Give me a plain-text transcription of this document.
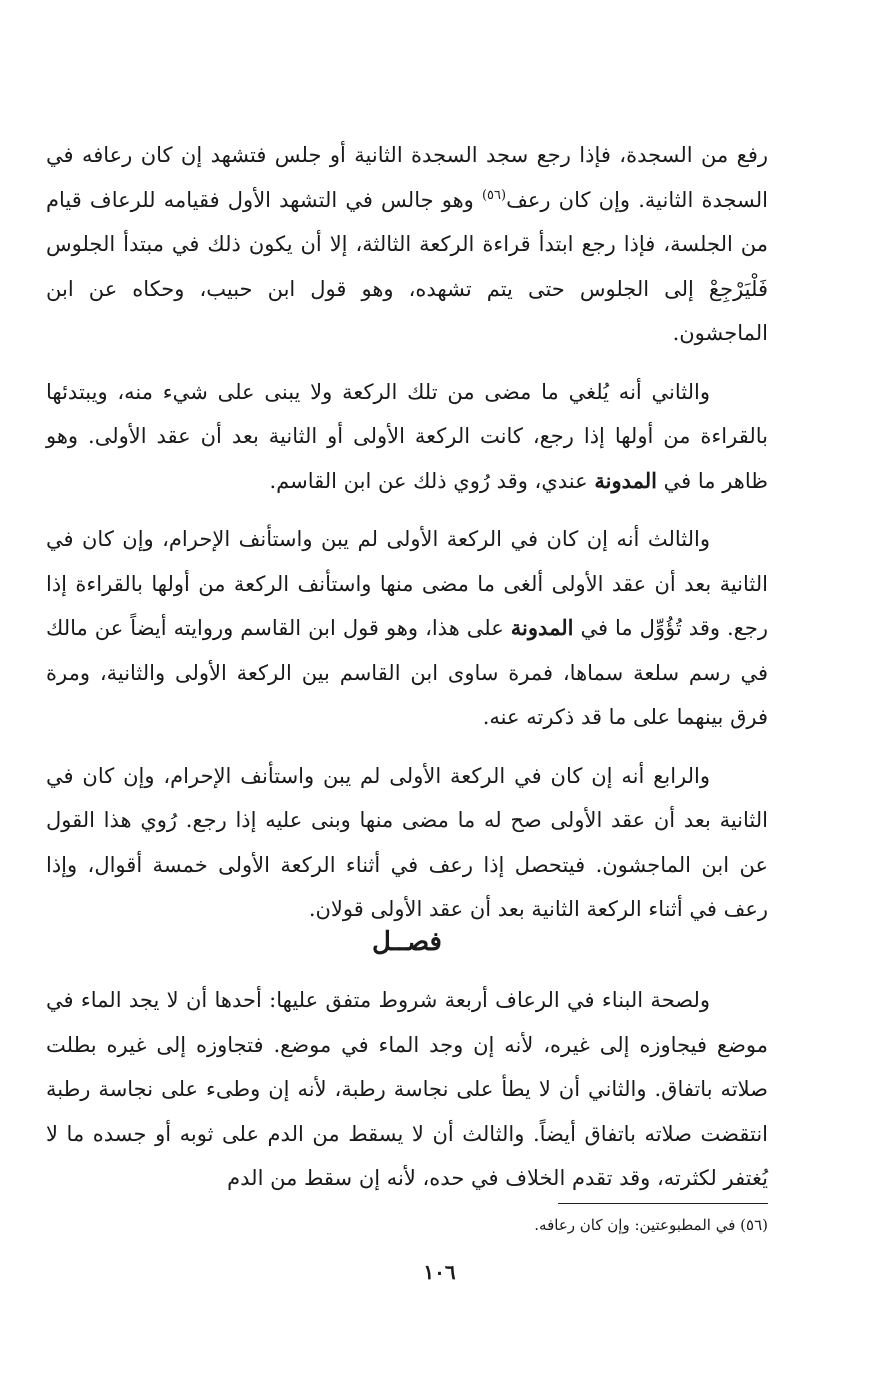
رفع من السجدة، فإذا رجع سجد السجدة الثانية أو جلس فتشهد إن كان رعافه في السجدة الثانية. وإن كان رعف$^{(٥٦)}$ وهو جالس في التشهد الأول فقيامه للرعاف قيام من الجلسة، فإذا رجع ابتدأ قراءة الركعة الثالثة، إلا أن يكون ذلك في مبتدأ الجلوس فَلْيَرْجِعْ إلى الجلوس حتى يتم تشهده، وهو قول ابن حبيب، وحكاه عن ابن الماجشون.

والثاني أنه يُلغي ما مضى من تلك الركعة ولا يبنى على شيء منه، ويبتدئها بالقراءة من أولها إذا رجع، كانت الركعة الأولى أو الثانية بعد أن عقد الأولى. وهو ظاهر ما في المدونة عندي، وقد رُوي ذلك عن ابن القاسم.

والثالث أنه إن كان في الركعة الأولى لم يبن واستأنف الإحرام، وإن كان في الثانية بعد أن عقد الأولى ألغى ما مضى منها واستأنف الركعة من أولها بالقراءة إذا رجع. وقد تُؤُوِّل ما في المدونة على هذا، وهو قول ابن القاسم وروايته أيضاً عن مالك في رسم سلعة سماها، فمرة ساوى ابن القاسم بين الركعة الأولى والثانية، ومرة فرق بينهما على ما قد ذكرته عنه.

والرابع أنه إن كان في الركعة الأولى لم يبن واستأنف الإحرام، وإن كان في الثانية بعد أن عقد الأولى صح له ما مضى منها وبنى عليه إذا رجع. رُوي هذا القول عن ابن الماجشون. فيتحصل إذا رعف في أثناء الركعة الأولى خمسة أقوال، وإذا رعف في أثناء الركعة الثانية بعد أن عقد الأولى قولان.

فصــل

ولصحة البناء في الرعاف أربعة شروط متفق عليها: أحدها أن لا يجد الماء في موضع فيجاوزه إلى غيره، لأنه إن وجد الماء في موضع. فتجاوزه إلى غيره بطلت صلاته باتفاق. والثاني أن لا يطأ على نجاسة رطبة، لأنه إن وطىء على نجاسة رطبة انتقضت صلاته باتفاق أيضاً. والثالث أن لا يسقط من الدم على ثوبه أو جسده ما لا يُغتفر لكثرته، وقد تقدم الخلاف في حده، لأنه إن سقط من الدم

(٥٦) في المطبوعتين: وإن كان رعافه.
١٠٦
